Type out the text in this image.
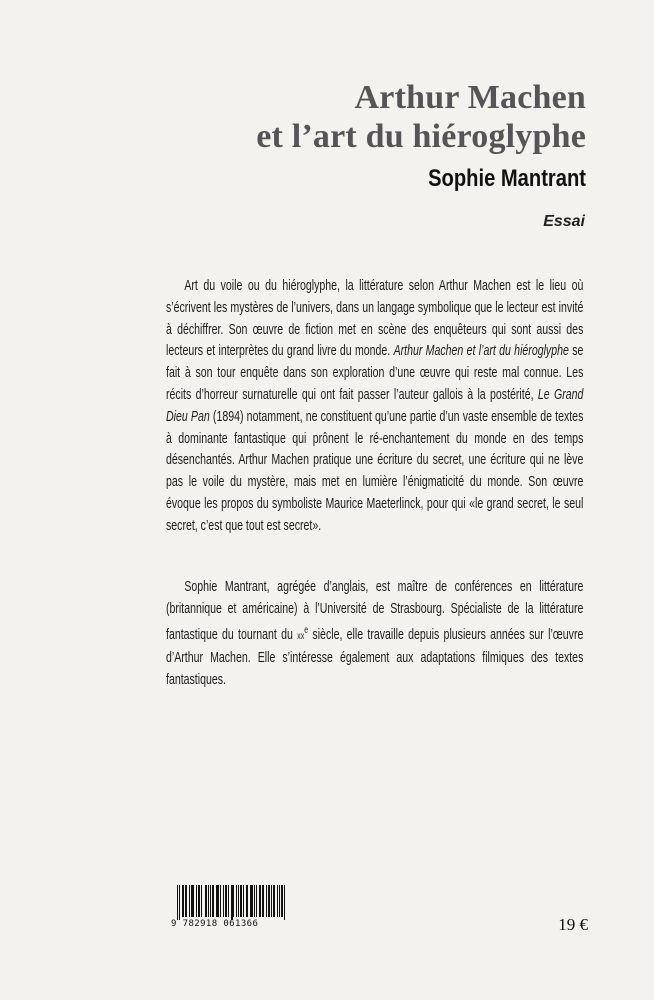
Arthur Machen
et l’art du hiéroglyphe
Sophie Mantrant
Essai

Art du voile ou du hiéroglyphe, la littérature selon Arthur Machen est le lieu où s’écrivent les mystères de l’univers, dans un langage symbolique que le lecteur est invité à déchiffrer. Son œuvre de fiction met en scène des enquêteurs qui sont aussi des lecteurs et interprètes du grand livre du monde. Arthur Machen et l’art du hiéroglyphe se fait à son tour enquête dans son exploration d’une œuvre qui reste mal connue. Les récits d’horreur surnaturelle qui ont fait passer l’auteur gallois à la postérité, Le Grand Dieu Pan (1894) notamment, ne constituent qu’une partie d’un vaste ensemble de textes à dominante fantastique qui prônent le ré-enchantement du monde en des temps désenchantés. Arthur Machen pratique une écriture du secret, une écriture qui ne lève pas le voile du mystère, mais met en lumière l’énigmaticité du monde. Son œuvre évoque les propos du symboliste Maurice Maeterlinck, pour qui «le grand secret, le seul secret, c’est que tout est secret».

Sophie Mantrant, agrégée d’anglais, est maître de conférences en littérature (britannique et américaine) à l’Université de Strasbourg. Spécialiste de la littérature fantastique du tournant du $xx^e$ siècle, elle travaille depuis plusieurs années sur l’œuvre d’Arthur Machen. Elle s’intéresse également aux adaptations filmiques des textes fantastiques.

9 782918 061366	19 €
